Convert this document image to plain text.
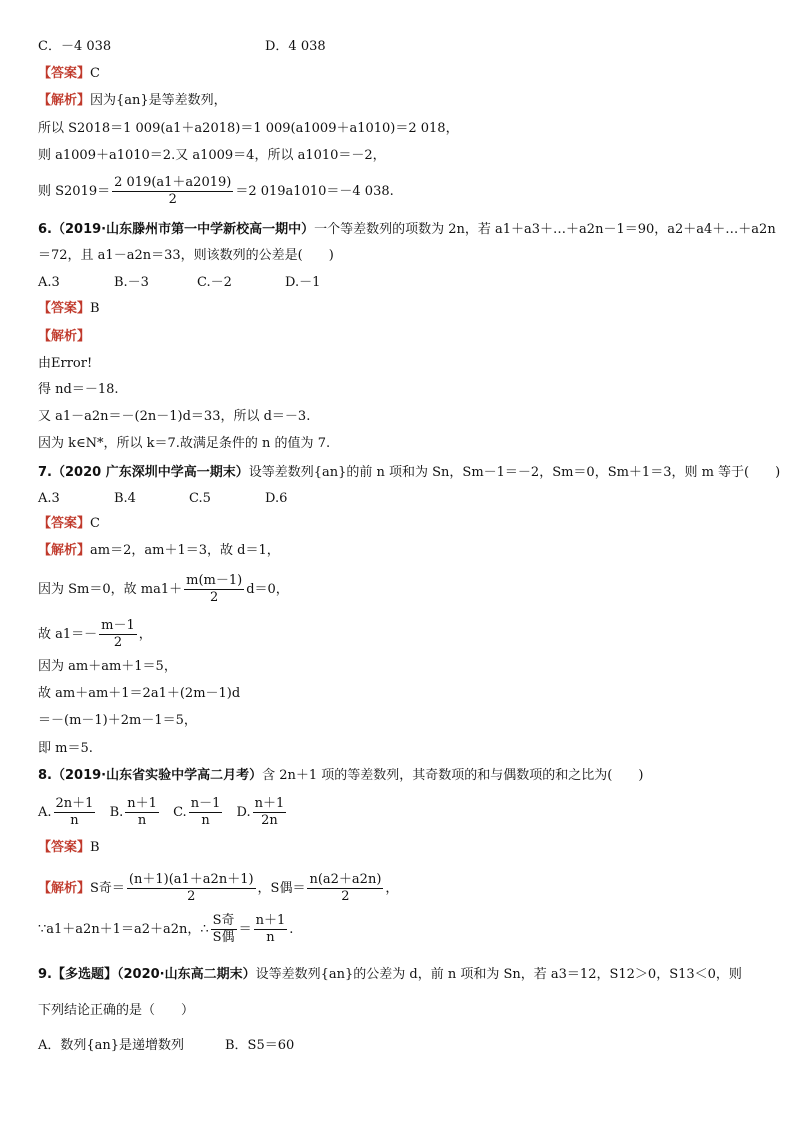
C．－4 038	D．4 038
【答案】C
【解析】因为{an}是等差数列，
所以 S2018＝1 009(a1＋a2018)＝1 009(a1009＋a1010)＝2 018，
则 a1009＋a1010＝2.又 a1009＝4，所以 a1010＝－2，
则 $S2019= \frac{2 019(a1+a2019)}{2} =2$ 019a1010＝－4 038.
6.（2019·山东滕州市第一中学新校高一期中）一个等差数列的项数为 2n，若 a1＋a3＋…＋a2n－1＝90，a2＋a4＋…＋a2n
＝72，且 a1－a2n＝33，则该数列的公差是(　　)
A.3	B.－3	C.－2	D.－1
【答案】B
【解析】
由Error!
得 nd＝－18.
又 a1－a2n＝－(2n－1)d＝33，所以 d＝－3.
因为 k∈N*，所以 k＝7.故满足条件的 n 的值为 7.
7.（2020 广东深圳中学高一期末）设等差数列{an}的前 n 项和为 Sn，Sm－1＝－2，Sm＝0，Sm＋1＝3，则 m 等于(　　)
A.3	B.4	C.5	D.6
【答案】C
【解析】am＝2，am＋1＝3，故 d＝1，
因为 Sm＝0，故 $ma1+ \frac{m(m-1)}{2} d=0$，
故 $a1=- \frac{m-1}{2}$ ，
因为 am＋am＋1＝5，
故 am＋am＋1＝2a1＋(2m－1)d
＝－(m－1)＋2m－1＝5，
即 m＝5.
8.（2019·山东省实验中学高二月考）含 2n＋1 项的等差数列，其奇数项的和与偶数项的和之比为(　　)
A. $\frac{2n+1}{n} B$. $\frac{n+1}{n} C$. $\frac{n-1}{n} D$. $\frac{n+1}{2n}$
【答案】B
【解析】S奇＝ $\frac{(n+1)(a1+a2n+1)}{2}$ ，S偶＝ $\frac{n(a2+a2n)}{2}$ ，
∵a1＋a2n＋1＝a2＋a2n，∴ $\frac{\text{S奇}}{\text{S偶}} = \frac{n+1}{n}$ .
9.【多选题】（2020·山东高二期末）设等差数列{an}的公差为 d，前 n 项和为 Sn，若 a3＝12，S12＞0，S13＜0，则
下列结论正确的是（　　）
A．数列{an}是递增数列	B．S5＝60
